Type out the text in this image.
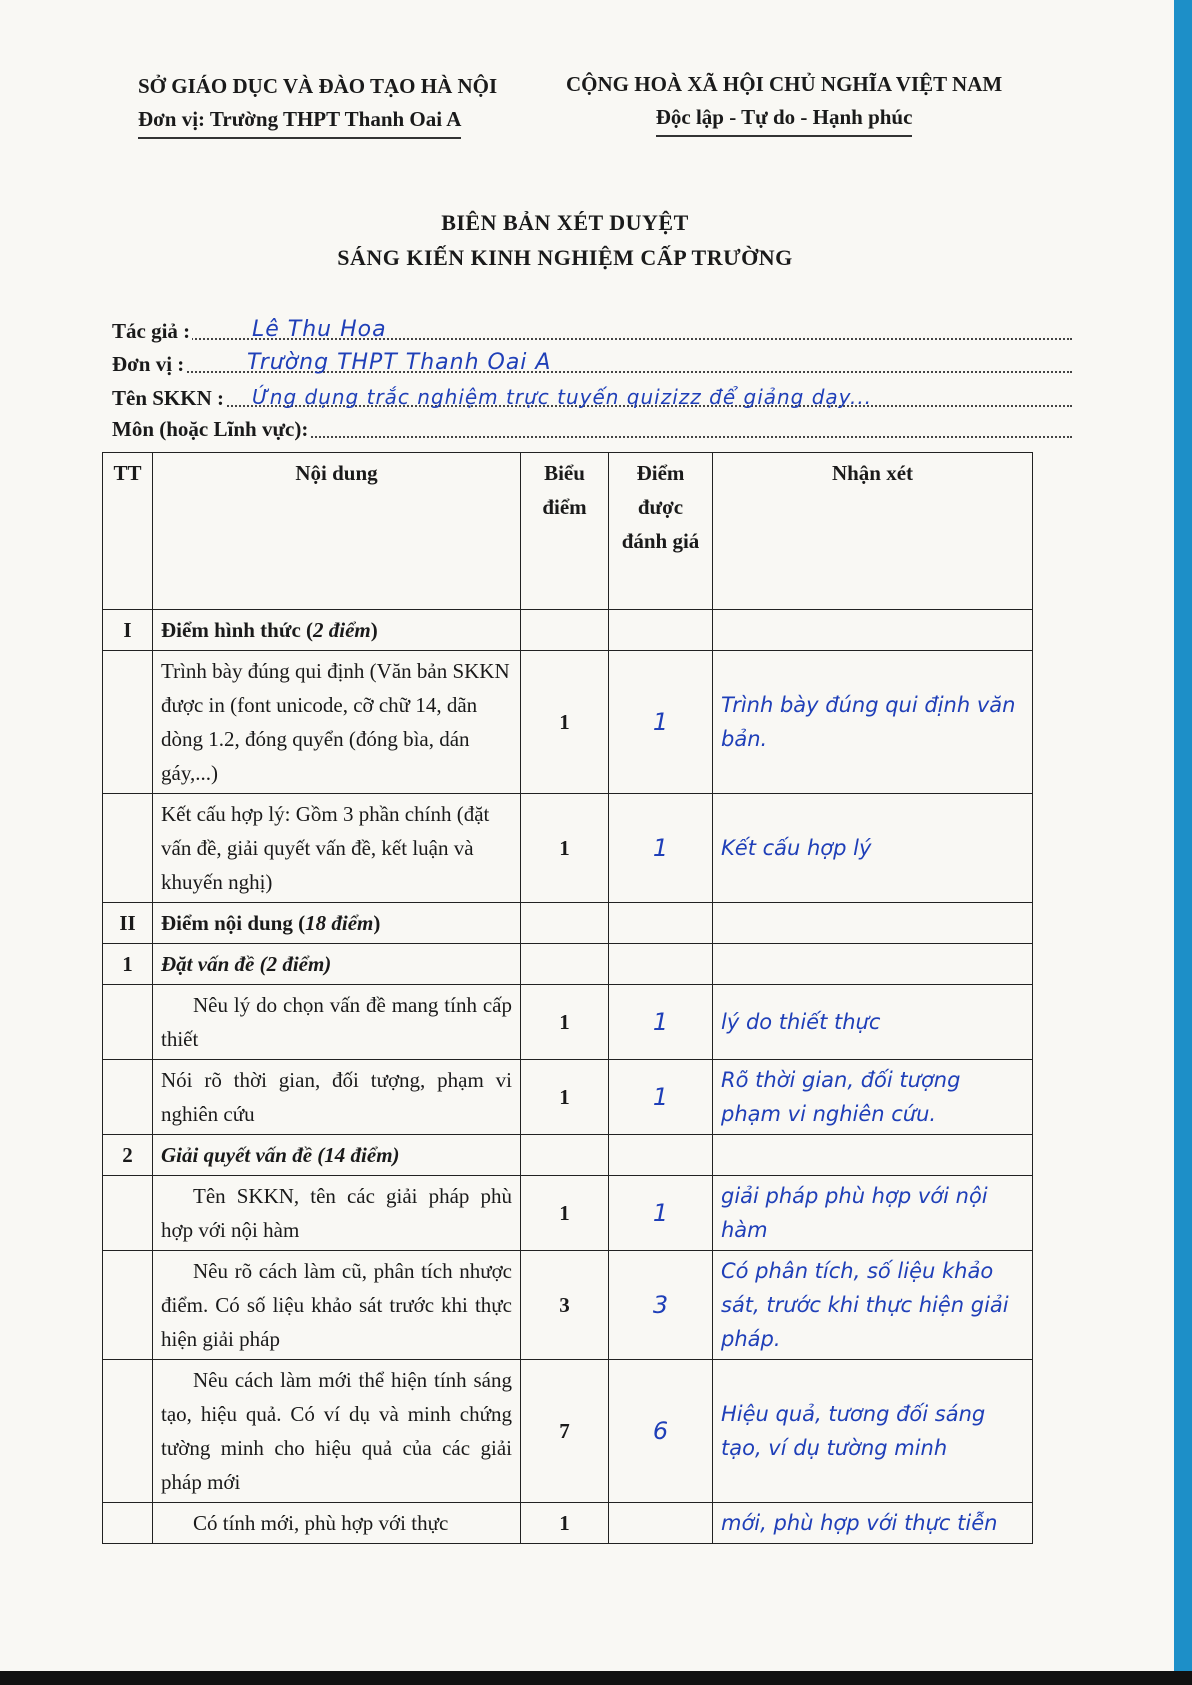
SỞ GIÁO DỤC VÀ ĐÀO TẠO HÀ NỘI
Đơn vị: Trường THPT Thanh Oai A
CỘNG HOÀ XÃ HỘI CHỦ NGHĨA VIỆT NAM
Độc lập - Tự do - Hạnh phúc
BIÊN BẢN XÉT DUYỆT
SÁNG KIẾN KINH NGHIỆM CẤP TRƯỜNG
Tác giả :	Lê Thu Hoa
Đơn vị :	Trường THPT Thanh Oai A
Tên SKKN : Ứng dụng trắc nghiệm trực tuyến quizizz để giảng dạy...
Môn (hoặc Lĩnh vực):
TT	Nội dung	Biểu điểm	Điểm được đánh giá	Nhận xét
I	Điểm hình thức (2 điểm)			
	Trình bày đúng qui định (Văn bản SKKN được in (font unicode, cỡ chữ 14, dãn dòng 1.2, đóng quyển (đóng bìa, dán gáy,...)	1	1	Trình bày đúng qui định văn bản.
	Kết cấu hợp lý: Gồm 3 phần chính (đặt vấn đề, giải quyết vấn đề, kết luận và khuyến nghị)	1	1	Kết cấu hợp lý
II	Điểm nội dung (18 điểm)			
1	Đặt vấn đề (2 điểm)			
	Nêu lý do chọn vấn đề mang tính cấp thiết	1	1	lý do thiết thực
	Nói rõ thời gian, đối tượng, phạm vi nghiên cứu	1	1	Rõ thời gian, đối tượng phạm vi nghiên cứu.
2	Giải quyết vấn đề (14 điểm)			
	Tên SKKN, tên các giải pháp phù hợp với nội hàm	1	1	giải pháp phù hợp với nội hàm
	Nêu rõ cách làm cũ, phân tích nhược điểm. Có số liệu khảo sát trước khi thực hiện giải pháp	3	3	Có phân tích, số liệu khảo sát, trước khi thực hiện giải pháp.
	Nêu cách làm mới thể hiện tính sáng tạo, hiệu quả. Có ví dụ và minh chứng tường minh cho hiệu quả của các giải pháp mới	7	6	Hiệu quả, tương đối sáng tạo, ví dụ tường minh
	Có tính mới, phù hợp với thực	1		mới, phù hợp với thực tiễn
